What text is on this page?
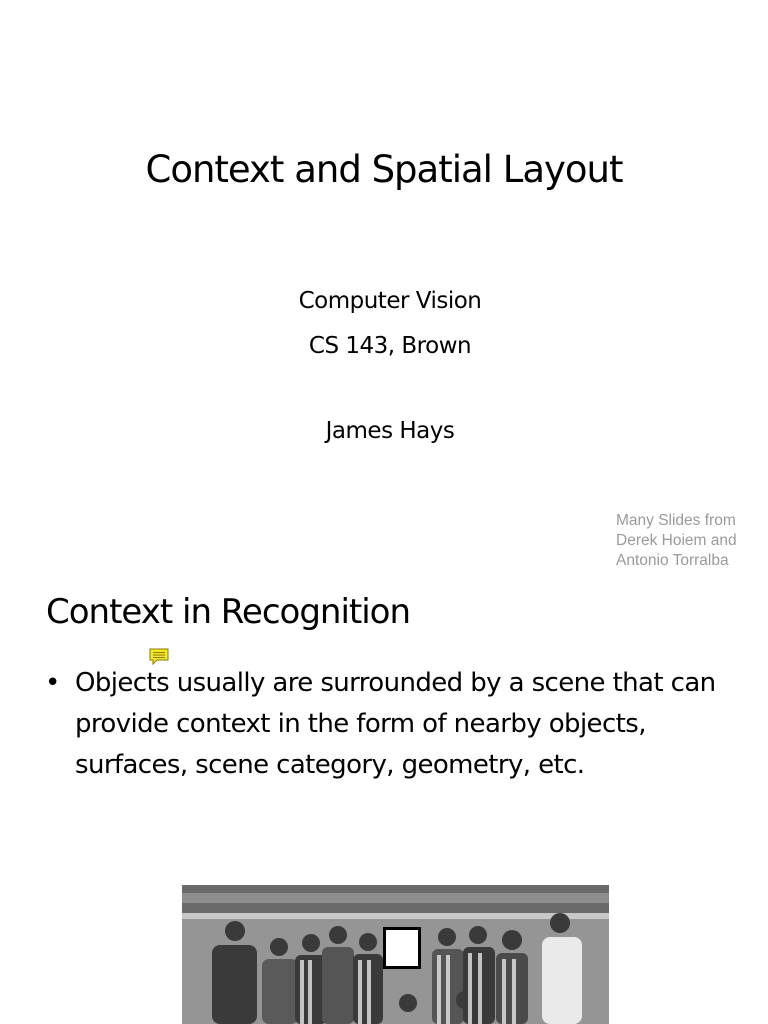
Context and Spatial Layout
Computer Vision
CS 143, Brown
James Hays
Many Slides from
Derek Hoiem and
Antonio Torralba
Context in Recognition
• Objects usually are surrounded by a scene that can provide context in the form of nearby objects, surfaces, scene category, geometry, etc.
